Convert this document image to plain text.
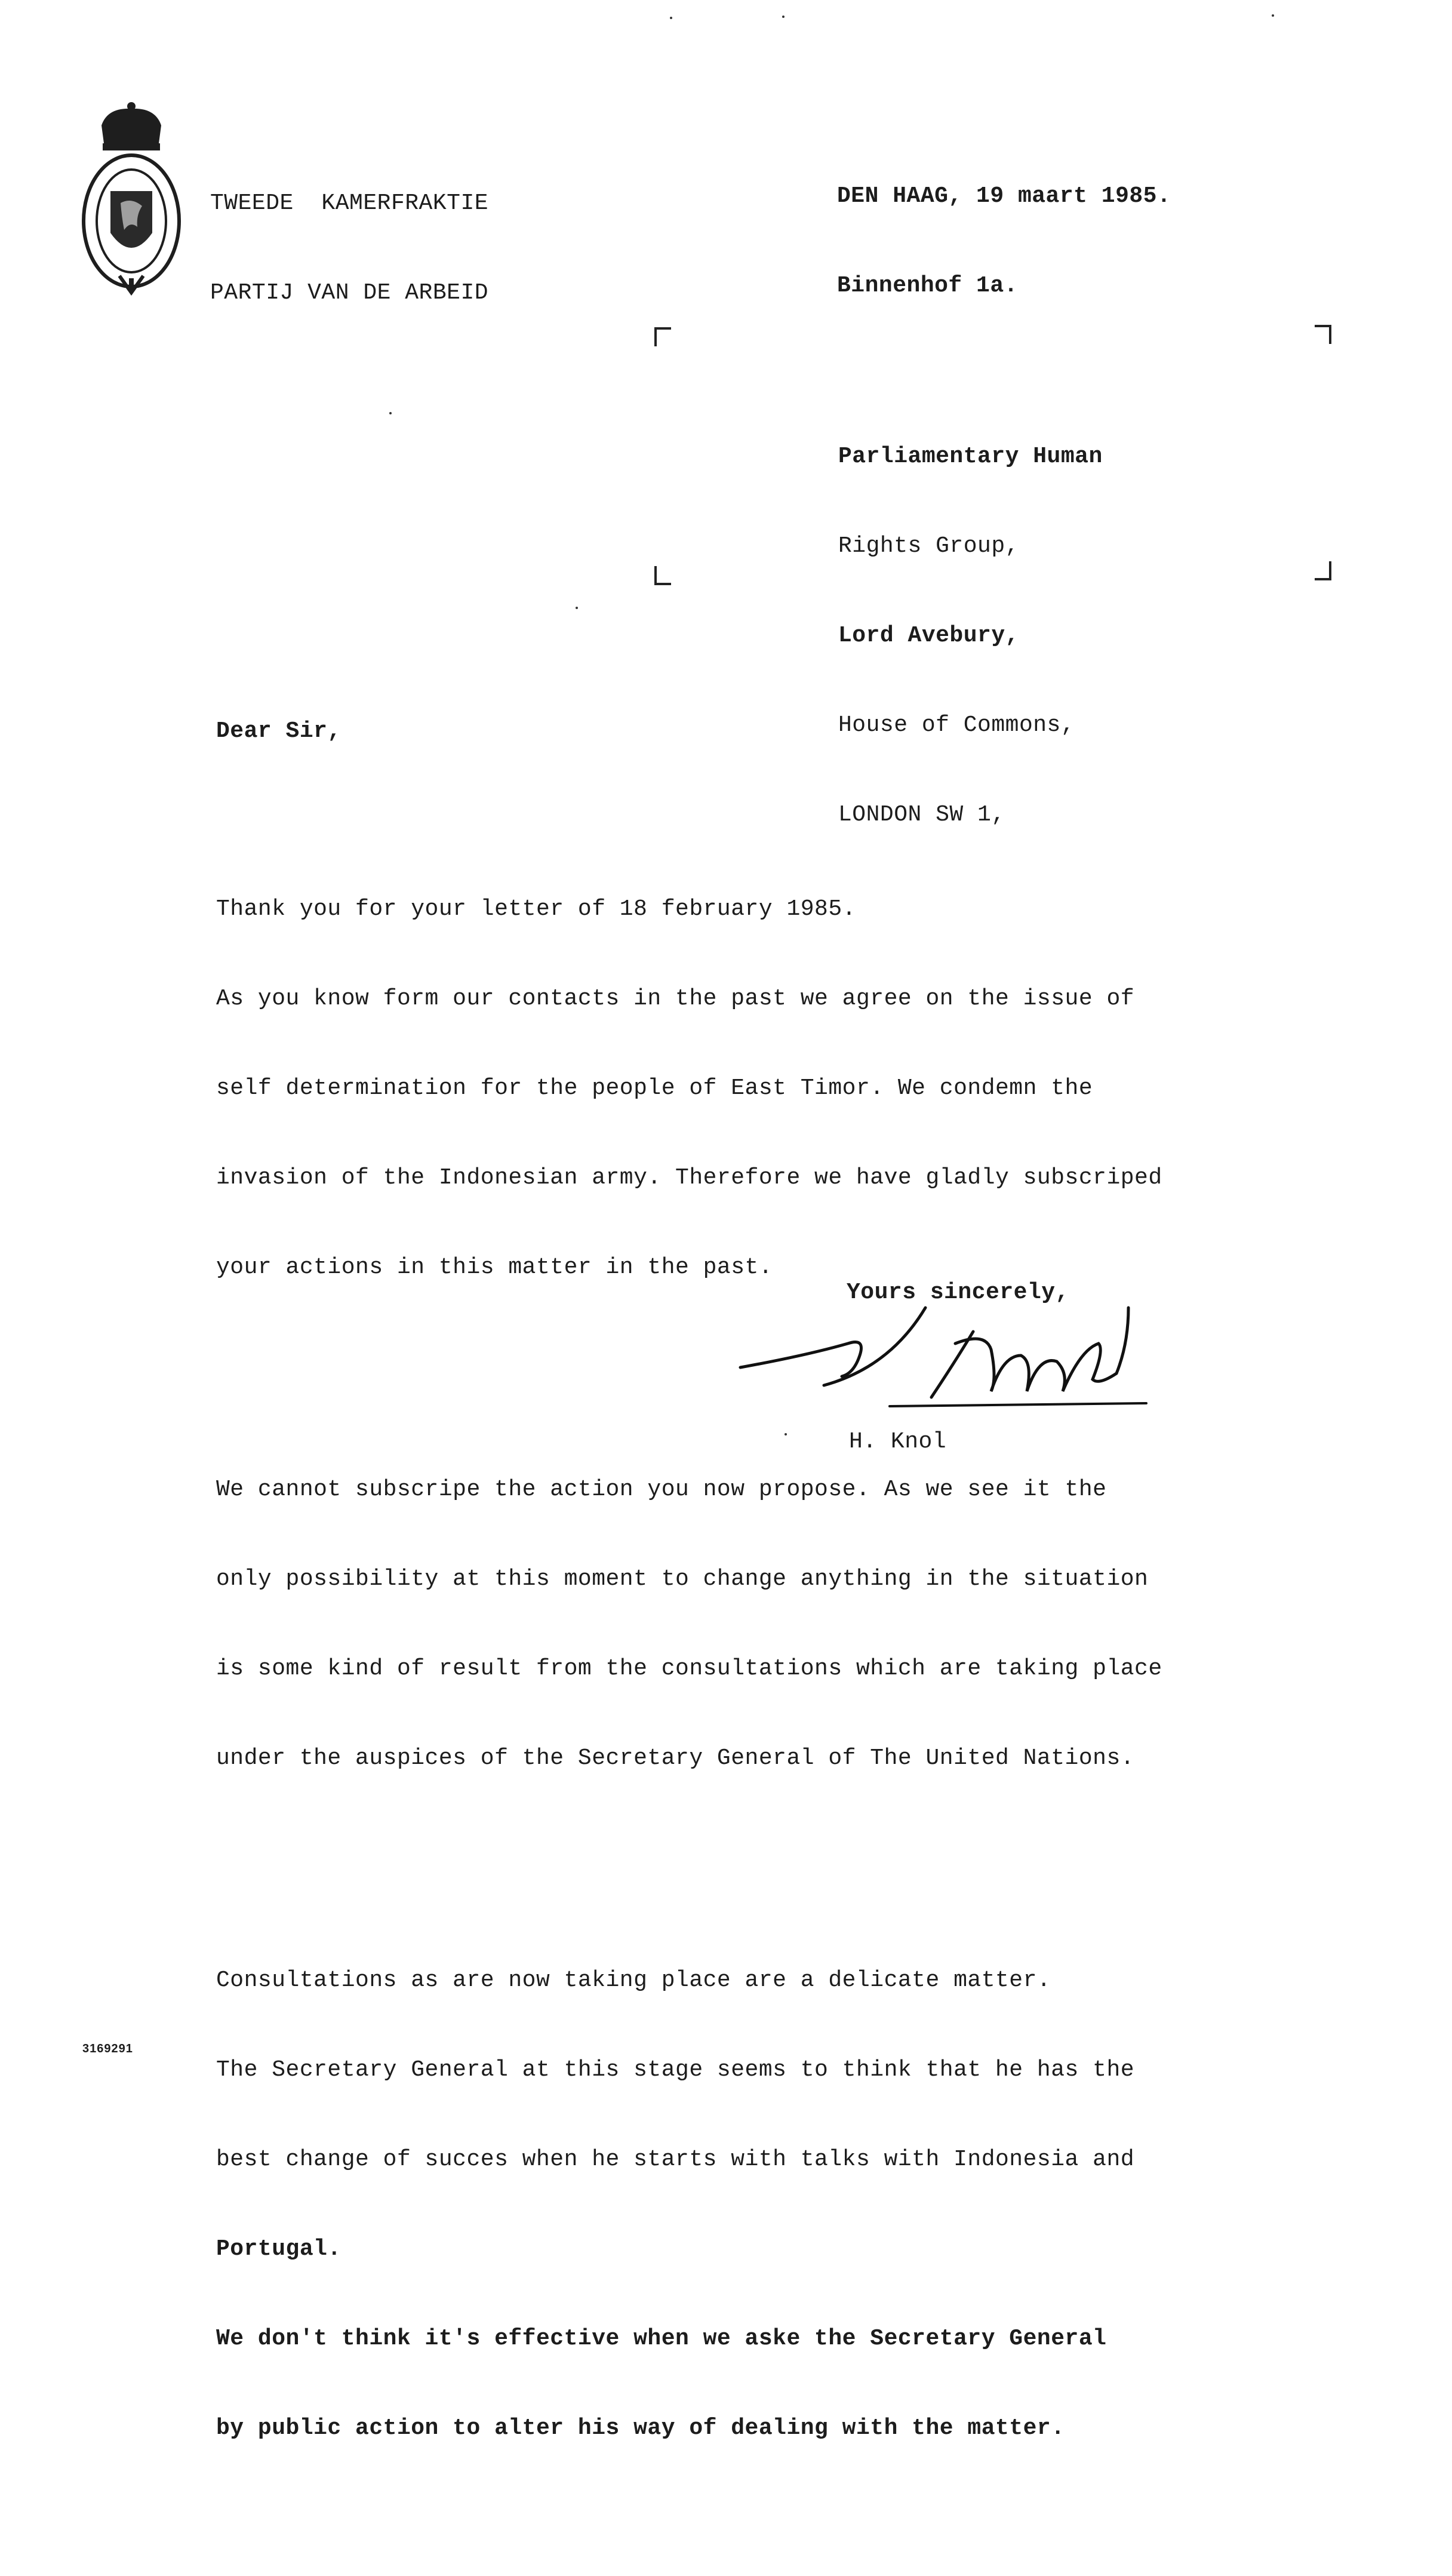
TWEEDE  KAMERFRAKTIE

PARTIJ VAN DE ARBEID

DEN HAAG, 19 maart 1985.

Binnenhof 1a.

Parliamentary Human

Rights Group,

Lord Avebury,

House of Commons,

LONDON SW 1,

Dear Sir,

Thank you for your letter of 18 february 1985.

As you know form our contacts in the past we agree on the issue of

self determination for the people of East Timor. We condemn the

invasion of the Indonesian army. Therefore we have gladly subscriped

your actions in this matter in the past.

We cannot subscripe the action you now propose. As we see it the

only possibility at this moment to change anything in the situation

is some kind of result from the consultations which are taking place

under the auspices of the Secretary General of The United Nations.

Consultations as are now taking place are a delicate matter.

The Secretary General at this stage seems to think that he has the

best change of succes when he starts with talks with Indonesia and

Portugal.

We don't think it's effective when we aske the Secretary General

by public action to alter his way of dealing with the matter.

Yours sincerely,
H. Knol
3169291
